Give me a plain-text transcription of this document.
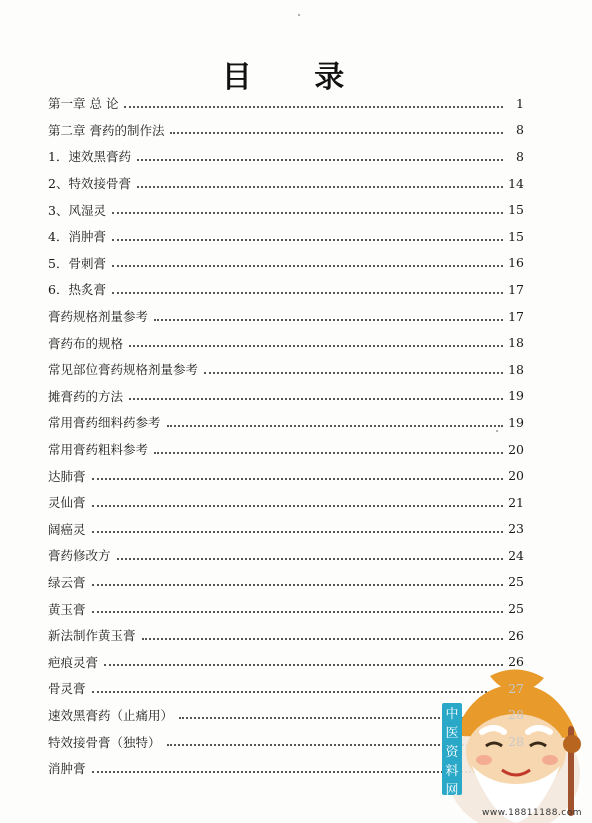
目 录
第一章 总 论	1
第二章 膏药的制作法	8
1．速效黑膏药	8
2、特效接骨膏	14
3、风湿灵	15
4．消肿膏	15
5．骨刺膏	16
6．热炙膏	17
膏药规格剂量参考	17
膏药布的规格	18
常见部位膏药规格剂量参考	18
摊膏药的方法	19
常用膏药细料药参考	19
常用膏药粗料参考	20
达肺膏	20
灵仙膏	21
阔癌灵	23
膏药修改方	24
绿云膏	25
黄玉膏	25
新法制作黄玉膏	26
疤痕灵膏	26
骨灵膏	27
速效黑膏药（止痛用）	28
特效接骨膏（独特）	28
消肿膏
中
医
资
料
网
www.18811188.com
